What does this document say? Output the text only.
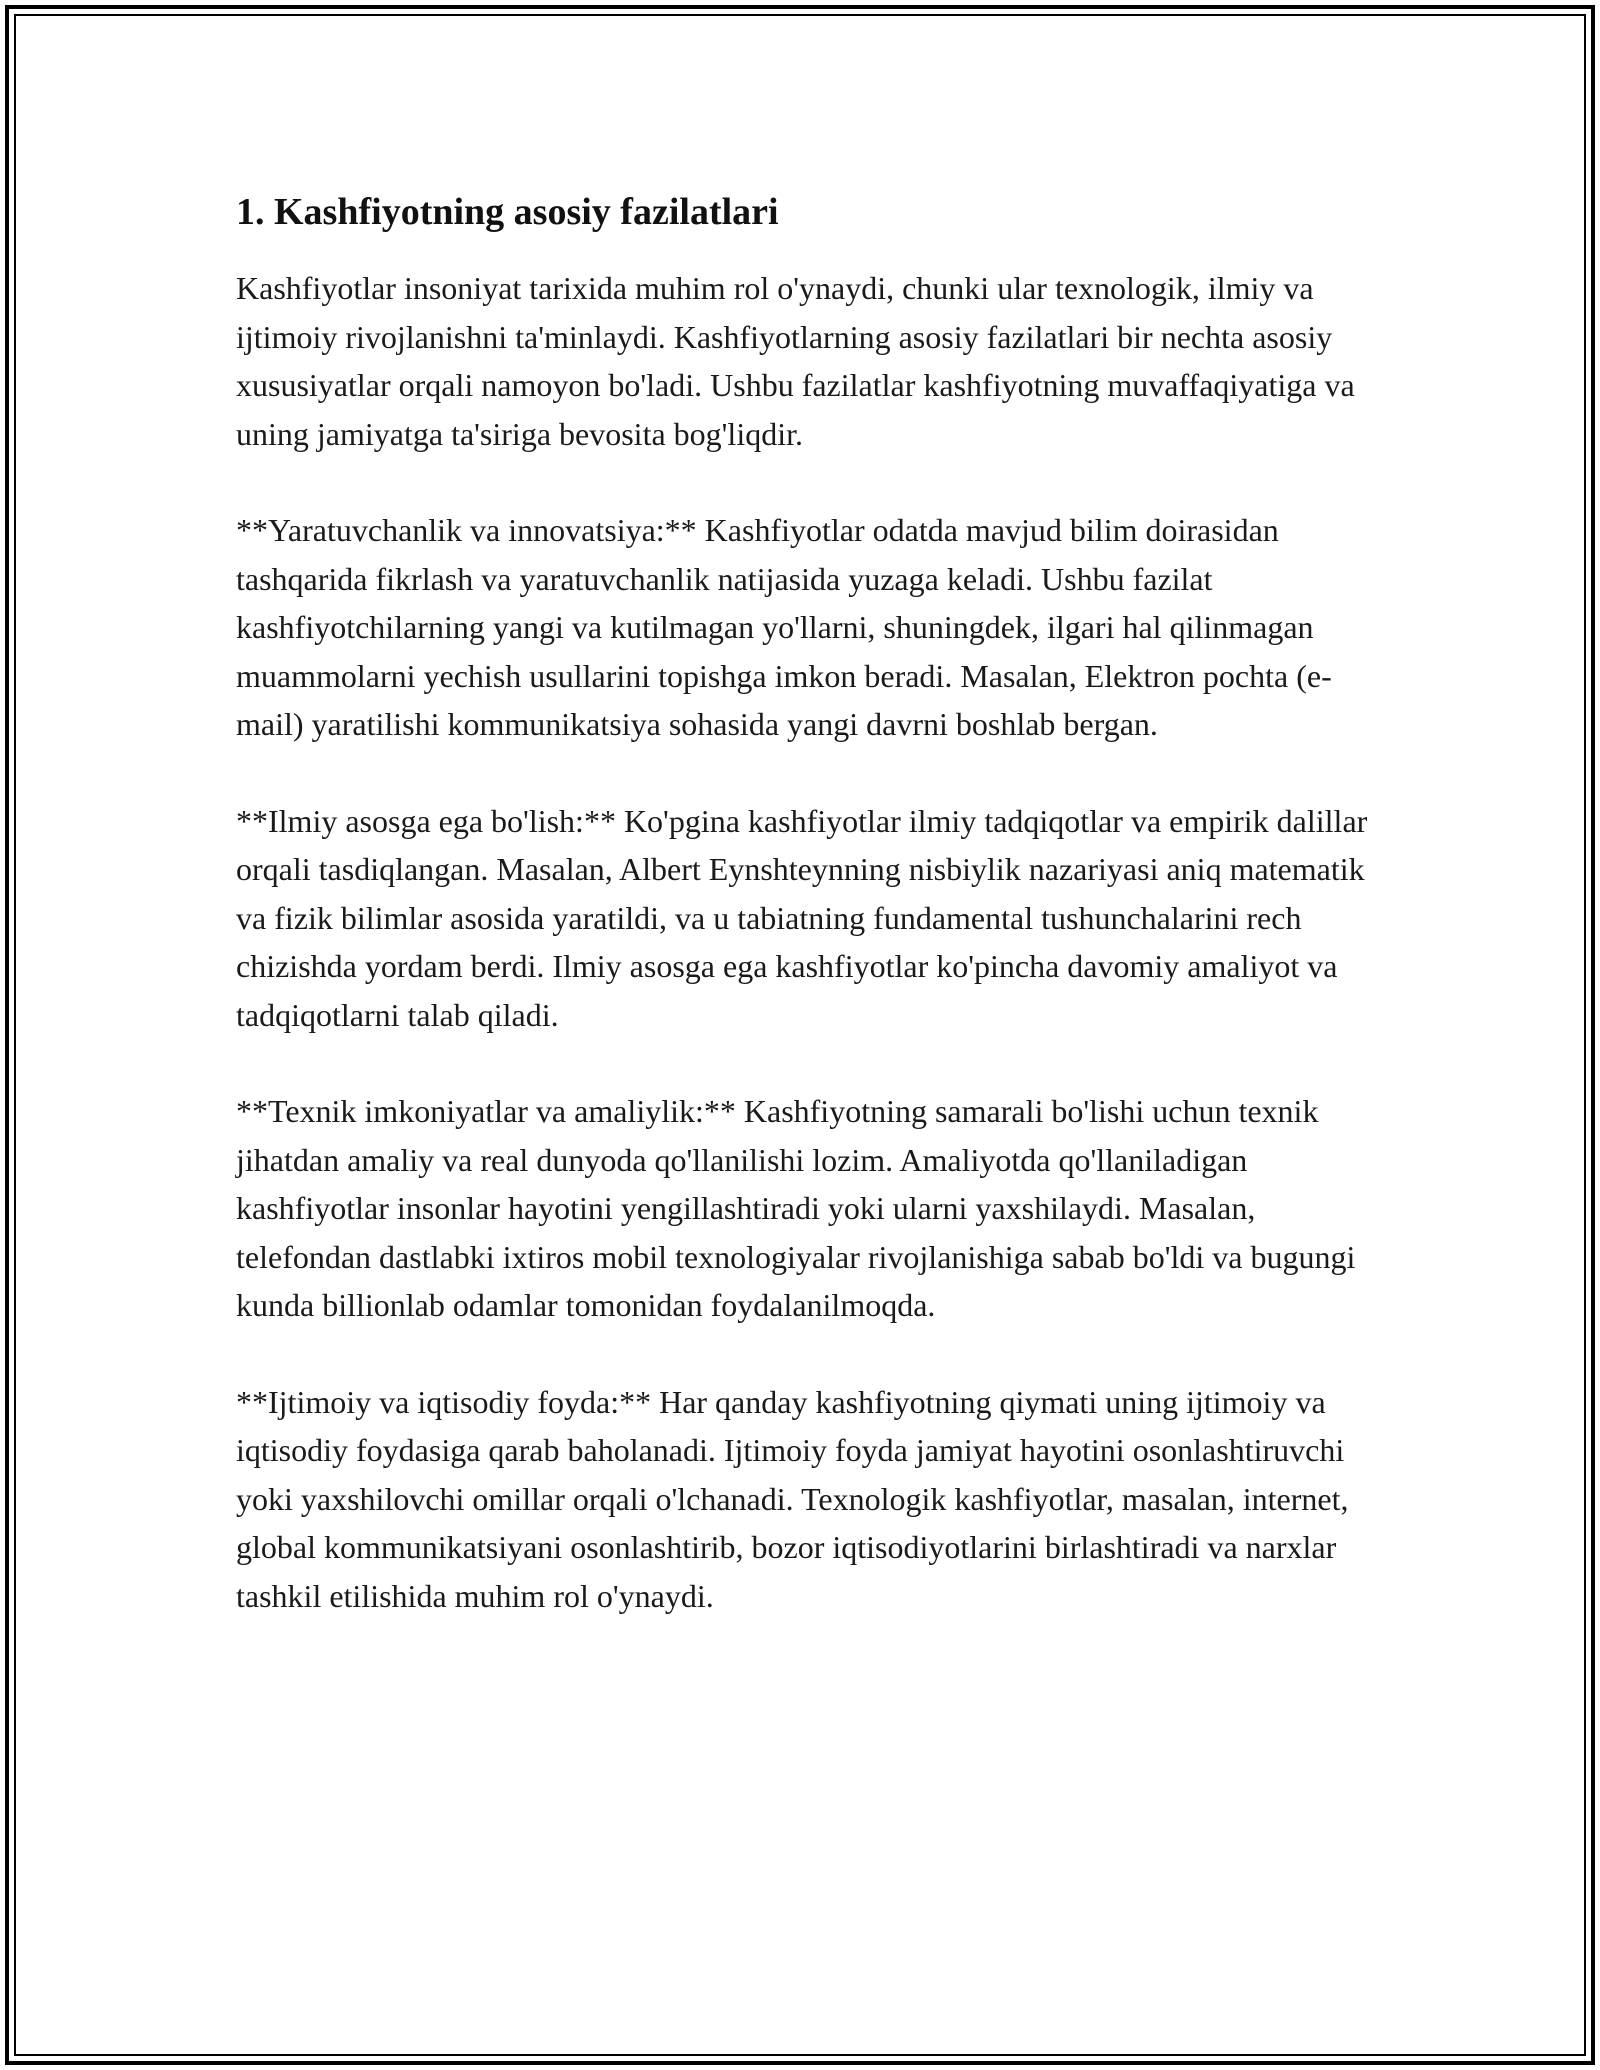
1. Kashfiyotning asosiy fazilatlari

Kashfiyotlar insoniyat tarixida muhim rol o'ynaydi, chunki ular texnologik, ilmiy va ijtimoiy rivojlanishni ta'minlaydi. Kashfiyotlarning asosiy fazilatlari bir nechta asosiy xususiyatlar orqali namoyon bo'ladi. Ushbu fazilatlar kashfiyotning muvaffaqiyatiga va uning jamiyatga ta'siriga bevosita bog'liqdir.

**Yaratuvchanlik va innovatsiya:** Kashfiyotlar odatda mavjud bilim doirasidan tashqarida fikrlash va yaratuvchanlik natijasida yuzaga keladi. Ushbu fazilat kashfiyotchilarning yangi va kutilmagan yo'llarni, shuningdek, ilgari hal qilinmagan muammolarni yechish usullarini topishga imkon beradi. Masalan, Elektron pochta (e-mail) yaratilishi kommunikatsiya sohasida yangi davrni boshlab bergan.

**Ilmiy asosga ega bo'lish:** Ko'pgina kashfiyotlar ilmiy tadqiqotlar va empirik dalillar orqali tasdiqlangan. Masalan, Albert Eynshteynning nisbiylik nazariyasi aniq matematik va fizik bilimlar asosida yaratildi, va u tabiatning fundamental tushunchalarini rech chizishda yordam berdi. Ilmiy asosga ega kashfiyotlar ko'pincha davomiy amaliyot va tadqiqotlarni talab qiladi.

**Texnik imkoniyatlar va amaliylik:** Kashfiyotning samarali bo'lishi uchun texnik jihatdan amaliy va real dunyoda qo'llanilishi lozim. Amaliyotda qo'llaniladigan kashfiyotlar insonlar hayotini yengillashtiradi yoki ularni yaxshilaydi. Masalan, telefondan dastlabki ixtiros mobil texnologiyalar rivojlanishiga sabab bo'ldi va bugungi kunda billionlab odamlar tomonidan foydalanilmoqda.

**Ijtimoiy va iqtisodiy foyda:** Har qanday kashfiyotning qiymati uning ijtimoiy va iqtisodiy foydasiga qarab baholanadi. Ijtimoiy foyda jamiyat hayotini osonlashtiruvchi yoki yaxshilovchi omillar orqali o'lchanadi. Texnologik kashfiyotlar, masalan, internet, global kommunikatsiyani osonlashtirib, bozor iqtisodiyotlarini birlashtiradi va narxlar tashkil etilishida muhim rol o'ynaydi.
